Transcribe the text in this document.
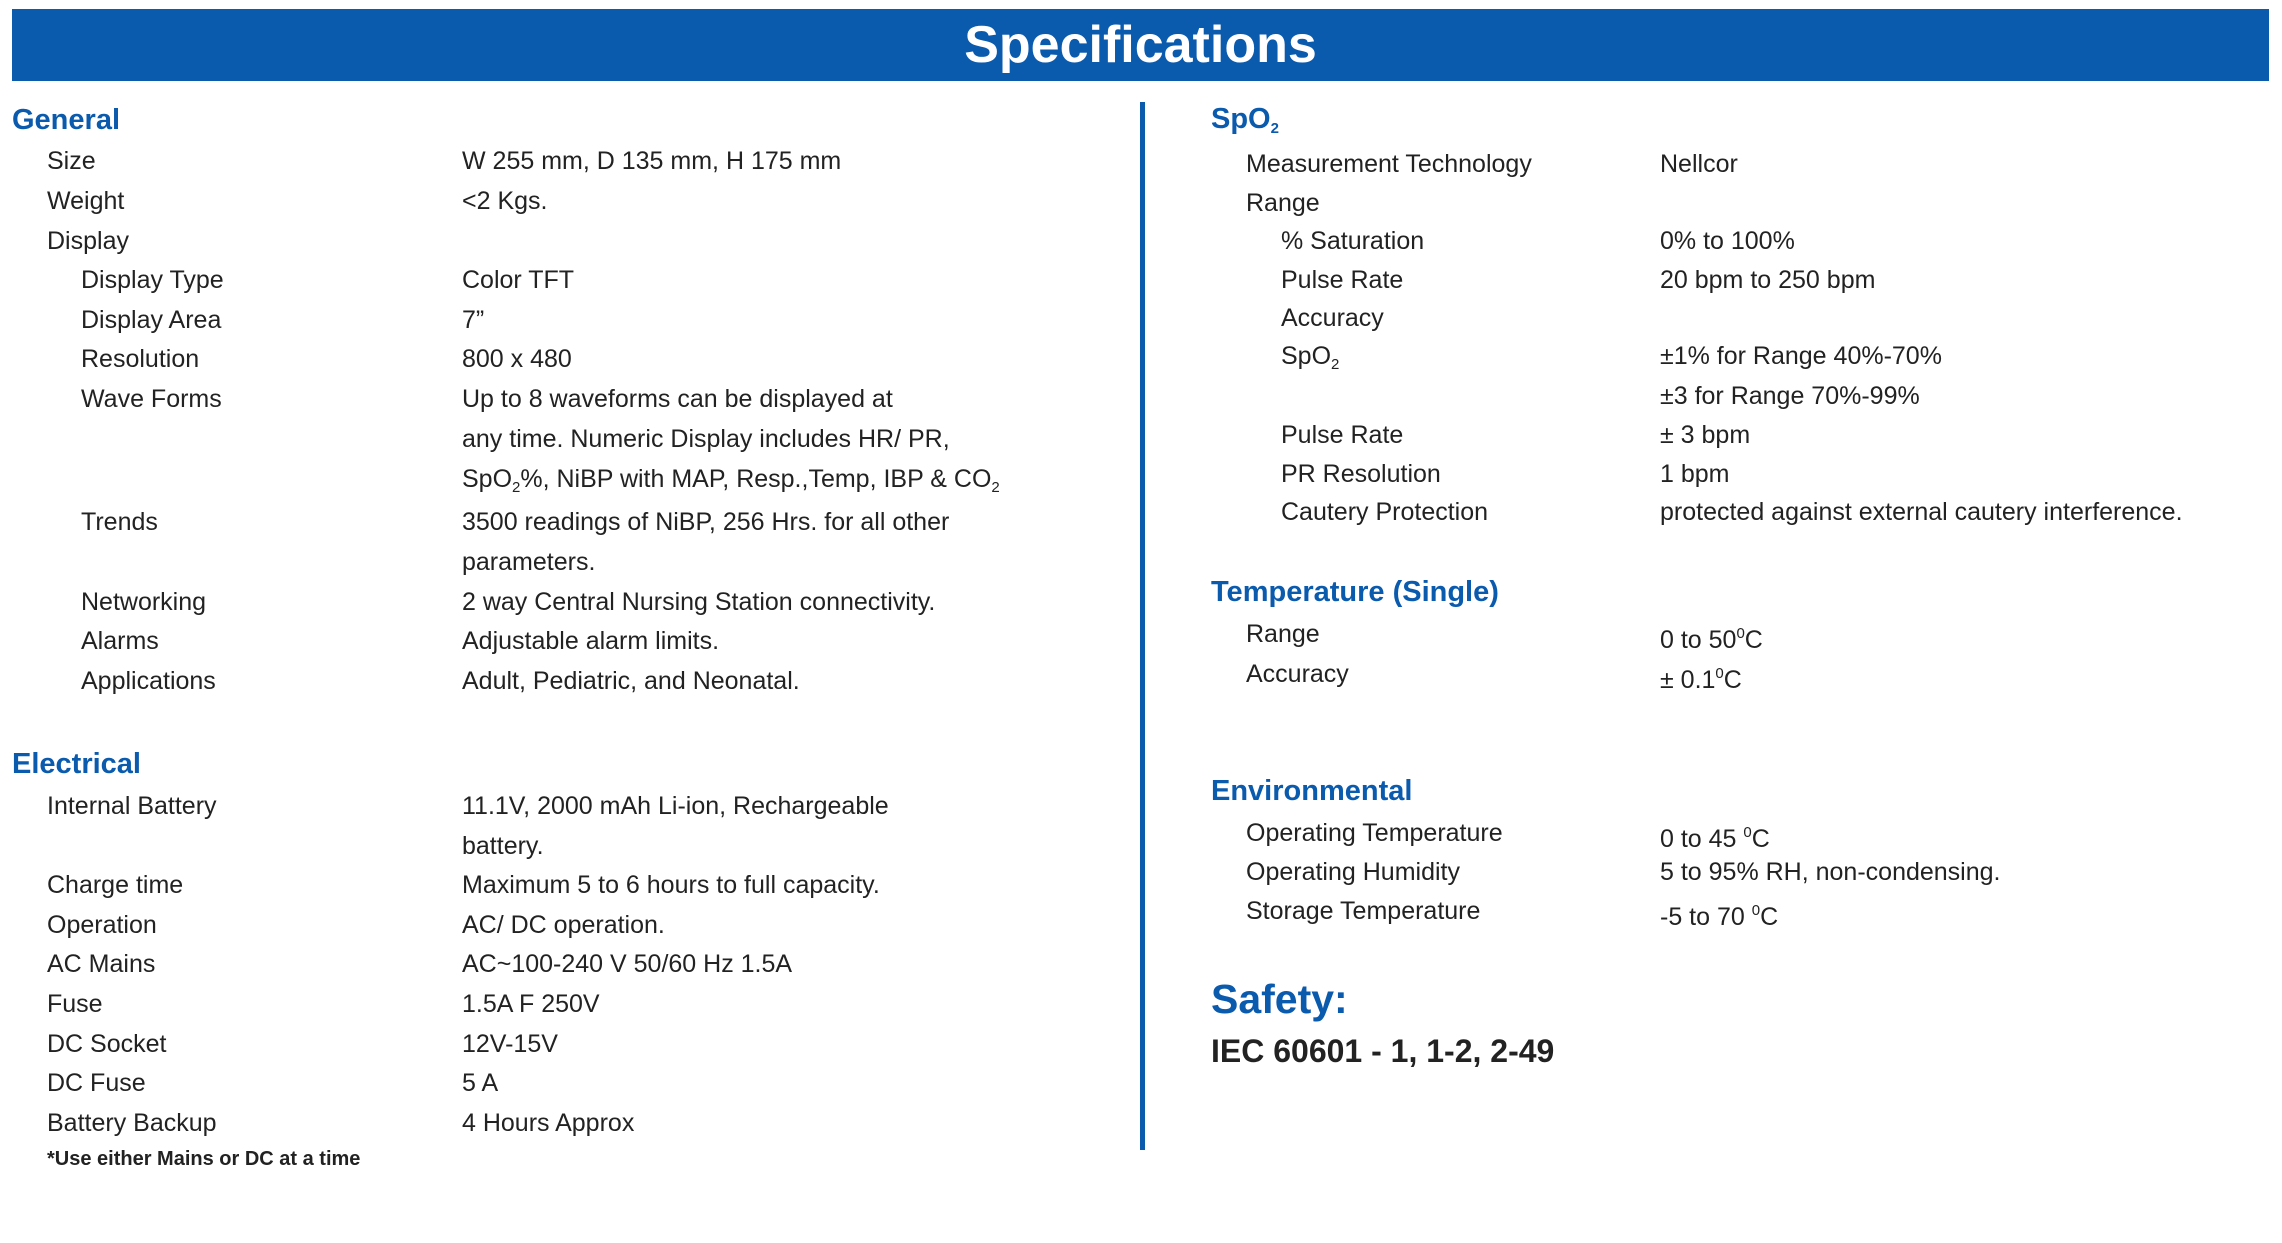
Specifications
General
Size	W 255 mm, D 135 mm, H 175 mm
Weight	<2 Kgs.
Display
Display Type	Color TFT
Display Area	7”
Resolution	800 x 480
Wave Forms	Up to 8 waveforms can be displayed at
any time. Numeric Display includes HR/ PR,
SpO$_2$%, NiBP with MAP, Resp.,Temp, IBP & $CO_2$
Trends	3500 readings of NiBP, 256 Hrs. for all other
parameters.
Networking	2 way Central Nursing Station connectivity.
Alarms	Adjustable alarm limits.
Applications	Adult, Pediatric, and Neonatal.
Electrical
Internal Battery	11.1V, 2000 mAh Li-ion, Rechargeable
battery.
Charge time	Maximum 5 to 6 hours to full capacity.
Operation	AC/ DC operation.
AC Mains	AC~100-240 V 50/60 Hz 1.5A
Fuse	1.5A F 250V
DC Socket	12V-15V
DC Fuse	5 A
Battery Backup	4 Hours Approx
*Use either Mains or DC at a time
SpO$_2$
Measurement Technology	Nellcor
Range
% Saturation	0% to 100%
Pulse Rate	20 bpm to 250 bpm
Accuracy
SpO$_2$	±1% for Range 40%-70%
±3 for Range 70%-99%
Pulse Rate	± 3 bpm
PR Resolution	1 bpm
Cautery Protection	protected against external cautery interference.
Temperature (Single)
Range	0 to $50^0C$
Accuracy	± $0.1^0C$
Environmental
Operating Temperature	0 to 45 $^0$C
Operating Humidity	5 to 95% RH, non-condensing.
Storage Temperature	-5 to 70 $^0$C
Safety:
IEC 60601 - 1, 1-2, 2-49
